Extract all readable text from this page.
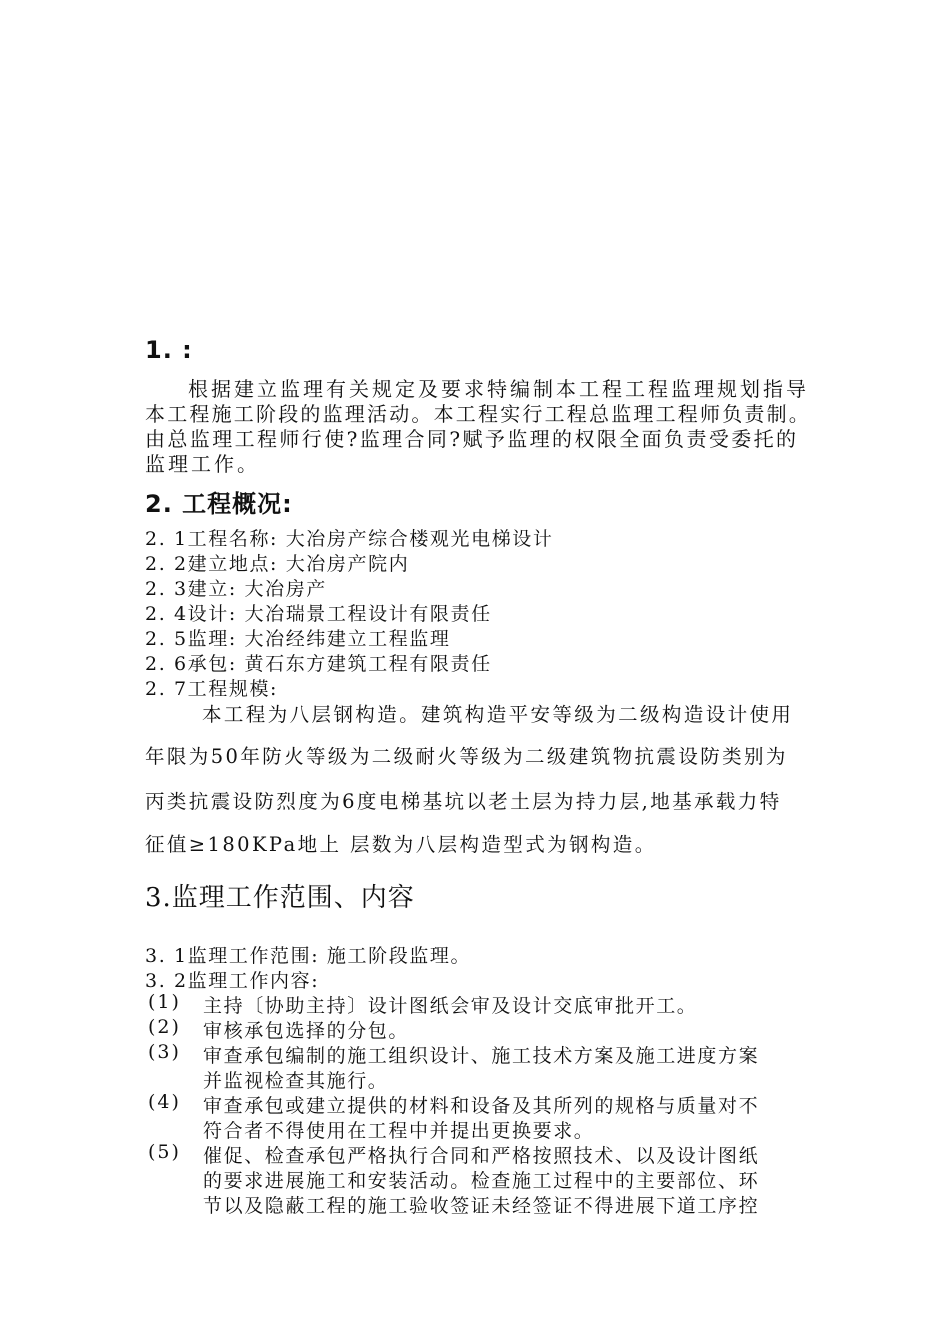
1. :
根据建立监理有关规定及要求特编制本工程工程监理规划指导
本工程施工阶段的监理活动。本工程实行工程总监理工程师负责制。
由总监理工程师行使?监理合同?赋予监理的权限全面负责受委托的
监理工作。
2. 工程概况:
2. 1工程名称: 大冶房产综合楼观光电梯设计
2. 2建立地点: 大冶房产院内
2. 3建立: 大冶房产
2. 4设计: 大冶瑞景工程设计有限责任
2. 5监理: 大冶经纬建立工程监理
2. 6承包: 黄石东方建筑工程有限责任
2. 7工程规模:
本工程为八层钢构造。建筑构造平安等级为二级构造设计使用
年限为50年防火等级为二级耐火等级为二级建筑物抗震设防类别为
丙类抗震设防烈度为6度电梯基坑以老土层为持力层,地基承载力特
征值≥180KPa地上 层数为八层构造型式为钢构造。
3.监理工作范围、内容
3. 1监理工作范围: 施工阶段监理。
3. 2监理工作内容:
(1) 主持〔协助主持〕设计图纸会审及设计交底审批开工。
(2) 审核承包选择的分包。
(3) 审查承包编制的施工组织设计、施工技术方案及施工进度方案
并监视检查其施行。
(4) 审查承包或建立提供的材料和设备及其所列的规格与质量对不
符合者不得使用在工程中并提出更换要求。
(5) 催促、检查承包严格执行合同和严格按照技术、以及设计图纸
的要求进展施工和安装活动。检查施工过程中的主要部位、环
节以及隐蔽工程的施工验收签证未经签证不得进展下道工序控
